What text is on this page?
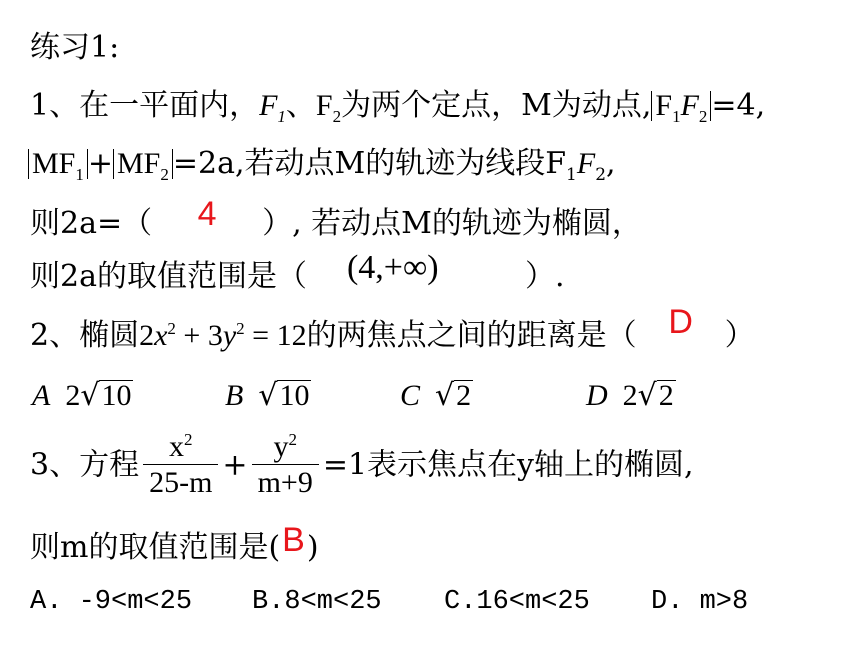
练习1:
1、在一平面内，$F_1$、$F_2$为两个定点，M为动点, $F_1F_2 =4$,
$MF_1 + MF_2 =2a$,若动点M的轨迹为线段$F_1F_2$,
则2a=（ 4 ）, 若动点M的轨迹为椭圆，
则2a的取值范围是（ (4,+∞)	）.
2、椭圆$2x^2 + 3y^2 = 12$的两焦点之间的距离是（ D ）
A 2√10	B √10	C √2	D 2√2
3、方程 $\frac{x^2}{25-m} + \frac{y^2}{m+9} =1$表示焦点在y轴上的椭圆,
则m的取值范围是(B)
A. -9<m<25 B.8<m<25 C.16<m<25 D. m>8
